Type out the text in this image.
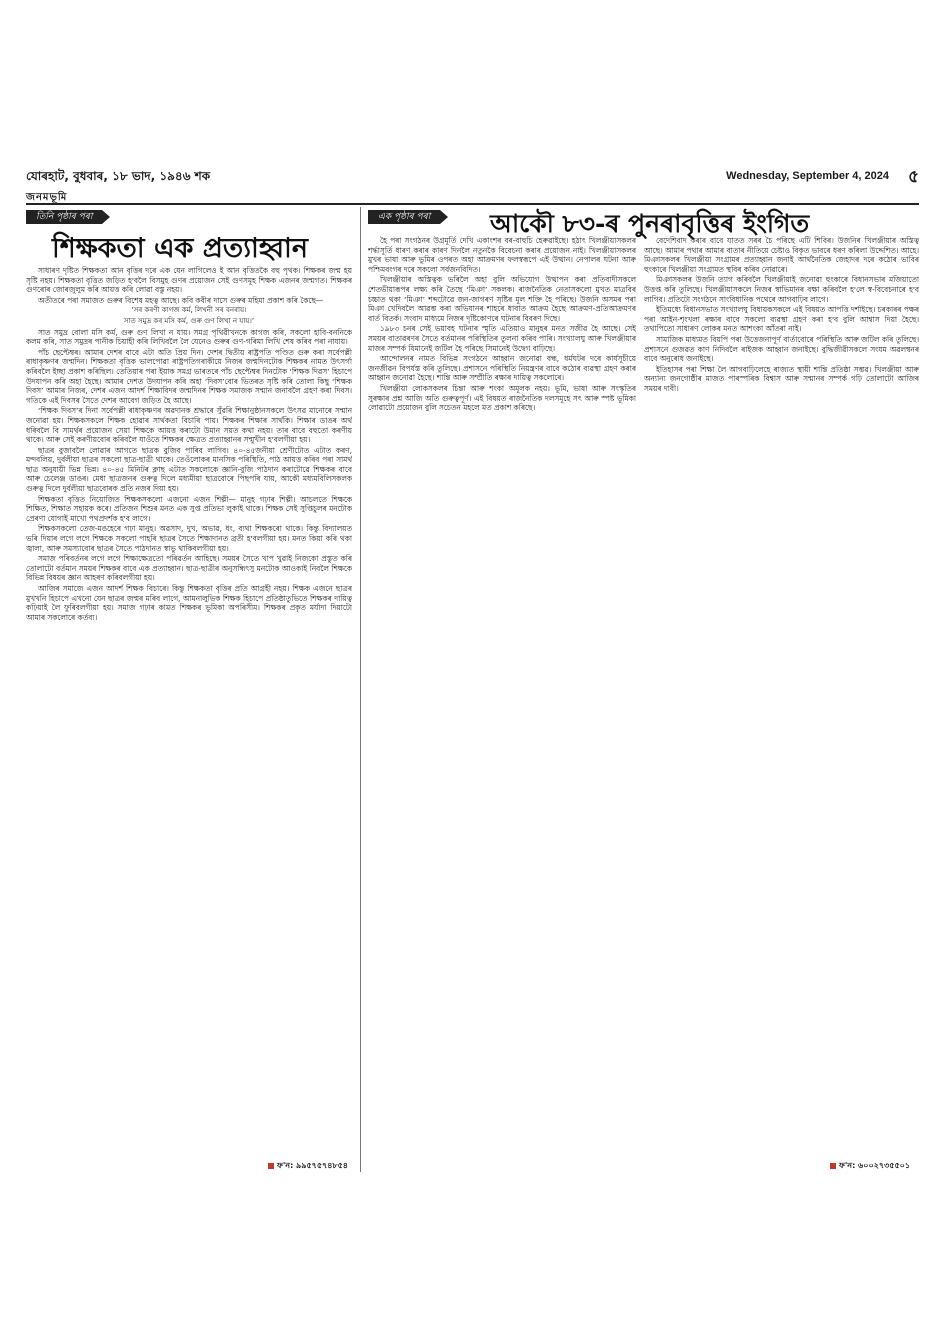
যোৰহাট, বুধবাৰ, ১৮ ভাদ, ১৯৪৬ শক	Wednesday, September 4, 2024 ৫
জনমভূমি
তিনি পৃষ্ঠাৰ পৰা
শিক্ষকতা এক প্ৰত্যাহ্বান

সাধাৰণ দৃষ্টিত শিক্ষকতা আন বৃত্তিৰ দৰে এক যেন লাগিলেও ই আন বৃত্তিতকৈ বহু পৃথক। শিক্ষকৰ জন্ম হয় সৃষ্টি নহয়। শিক্ষকতা বৃত্তিত জড়িত হ'বলৈ বিসমুহ গুণৰ প্ৰয়োজন সেই গুণসমূহ শিক্ষক এজনৰ জন্মগত। শিক্ষকৰ গুণৰোৰ জোৰজুলুম কৰি আয়ত্ত কৰি লোৱা বস্তু নহয়।

অতীতৰে পৰা সমাজত গুৰুৰ বিশেষ মহত্ব আছে। কবি কবীৰ দাসে গুৰুৰ মহিমা প্ৰকাশ কৰি কৈছে—

‘সৰ কৰণী কাগজ কৰ্ম, লিখনী সৰ বনৰায়।

সাত সমুদ্ৰ কৰ মসি কৰ্ম, গুৰু গুণ লিখা ন যায়।’

সাত সমুদ্ৰ বোলা মসি কৰ্ম, গুৰু গুণ লিখা ন যায়। সমগ্ৰ পৃথিৱীখনকে কাগজ কৰি, সকলো হাবি-বননিকে কলম কৰি, সাত সমুদ্ৰৰ পানীক চিয়াহী কৰি লিখিবলৈ লৈ যেনেও গুৰুৰ গুণ-গৰিমা লিখি শেষ কৰিব পৰা নাযায়।

পাঁচ ছেপ্টেম্বৰ। আমাৰ দেশৰ বাবে এটা অতি প্ৰিয় দিন। দেশৰ দ্বিতীয় ৰাষ্ট্ৰপতি পণ্ডিত গুৰু কৰা সৰ্বেপল্লী ৰাধাকৃষ্ণণৰ জন্মদিন। শিক্ষকতা বৃত্তিক ভালপোৱা ৰাষ্ট্ৰপতিগৰাকীয়ে নিজৰ জন্মদিনটোক শিক্ষকৰ নামত উৎসৰ্গা কৰিবলৈ ইচ্ছা প্ৰকাশ কৰিছিল। তেতিয়াৰ পৰা ইয়াক সমগ্ৰ ভাৰতৰে পাঁচ ছেপ্টেম্বৰ দিনটোক ‘শিক্ষক দিৱস’ হিচাপে উদযাপন কৰি অহা হৈছে। আমাৰ দেশত উদযাপন কৰি অহা ‘দিবস’বোৰ ভিতৰত সৃষ্টি কৰি তোলা কিছু ‘শিক্ষক দিবস’ আমাৰ নিজৰ, দেশৰ এজন আদৰ্শ শিক্ষাবিদৰ জন্মদিনৰ শিক্ষক সমাজক সন্মান জনাবলৈ গ্ৰহণ কৰা দিবস। গতিকে এই দিবসৰ সৈতে দেশৰ আবেগ জড়িত হৈ আছে।

‘শিক্ষক দিবস’ৰ দিনা সৰ্বেপল্লী ৰাধাকৃষ্ণণৰ অৱদানক শ্ৰদ্ধাৰে সুঁৱৰি শিক্ষানুষ্ঠানসকলে উৎসৱ মানোৰে সন্মান জনোৱা হয়। শিক্ষকসকলে শিক্ষক হোৱাৰ সাৰ্থকতা বিচাৰি পায়। শিক্ষকৰ শিক্ষাৰ সাৰ্থকি। শিক্ষাৰ ডাঙৰ অৰ্থ ধৰিবলৈ বি সামৰ্থৰ প্ৰয়োজন সেয়া শিক্ষকে আয়ত্ত কৰাটো উমান সয়ত কথা নহয়। তাৰ বাবে বহুতো কৰণীয় থাকে। আৰু সেই কৰণীয়বোৰ কৰিবলৈ যাওঁতে শিক্ষকৰ ক্ষেত্ৰত প্ৰত্যাহ্বানৰ সন্মুখীন হ'বলগীয়া হয়।

ছাত্ৰৰ বুজাবলৈ লোৱাৰ আগতে ছাত্ৰক বুজিব পাৰিব লাগিব। ৪০-৪৫জনীয়া শ্ৰেণীটোত এটাত কৰণ, মন্দবলিয়, দুৰ্বলীয়া ছাত্ৰৰ সকলো ছাত্ৰ-ছাত্ৰী থাকে। তেওঁলোকৰ মানসিক পৰিস্থিতি, পাঠ আয়ত্ত কৰিব পৰা সামৰ্থ ছাত্ৰ অনুযায়ী ভিন্ন ভিন্ন। ৪০-৪৫ মিনিটৰ ক্লাছ এটাত সকলোকে জ্ঞানি-বুজি পাঠদান কৰাটোৱে শিক্ষকৰ বাবে আৰু চেলেঞ্জ ডাঙৰ। মেধা ছাত্ৰজনৰ গুৰুত্ব দিলে মধ্যমীয়া ছাত্ৰবোৰে পিছপৰি যায়, আকৌ মধ্যমবিলিসকলক গুৰুত্ব দিলে দুৰ্বলীয়া ছাত্ৰবোৰক প্ৰতি নজৰ দিয়া হয়।

শিক্ষকতা বৃত্তিত নিয়োজিত শিক্ষকসকলো এজনো এজন শিল্পী— মানুহ গঢ়াৰ শিল্পী। আচলতে শিক্ষকে শিক্ষিত, শিক্ষাত সহায়ক কৰে। প্ৰতিজন শিশুৰ মনত এক সুপ্ত প্ৰতিভা লুকাই থাকে। শিক্ষক সেই সুপ্তিচুলৰ মনটোক প্ৰেৰণা যোগাই মাখো পথপ্ৰদৰ্শক হ'ব লাগে।

শিক্ষকসকলো তেজ-মঙহেৰে গঢ়া মানুহ। অৱসাদ, দুখ, অভাৱ, ধং, ব্যথা শিক্ষকৰো থাকে। কিন্তু বিদ্যালয়ত ভৰি দিয়াৰ লগে লগে শিক্ষকে সকলো পাহৰি ছাত্ৰৰ সৈতে শিক্ষাদানত ব্ৰতী হ'বলগীয়া হয়। মনত কিয়া কৰি থকা জ্বালা, আৰু সমস্যাবোৰ ছাত্ৰৰ সৈতে পাঠদানত স্বাভু থাকিবলগীয়া হয়।

সমাজ পৰিবৰ্তনৰ লগে লগে শিক্ষাক্ষেত্ৰতো পৰিৱৰ্তন আহিছে। সময়ৰ সৈতে খাপ খুৱাই নিজকো প্ৰস্তুত কৰি তোলাটো বৰ্তমান সময়ৰ শিক্ষকৰ বাবে এক প্ৰত্যাহ্বান। ছাত্ৰ-ছাত্ৰীৰ অনুসন্ধিৎসু মনটোক আওকাই নিবলৈ শিক্ষকে বিভিন্ন বিষয়ৰ জ্ঞান আহৰণ কৰিবলগীয়া হয়।

আজিৰ সমাজে এজন আদৰ্শ শিক্ষক বিচাৰে। কিন্তু শিক্ষকতা বৃত্তিৰ প্ৰতি আগ্ৰহী নহয়। শিক্ষক এজনে ছাত্ৰৰ মুখখনি হিচাপে এখনো যেন ছাত্ৰৰ জন্মৰ মৰিব লাগে, আমনালুভিক শিক্ষক হিচাপে প্ৰতিষ্ঠাতুভিতে শিক্ষকৰ দায়িত্ব কঢ়িয়াই লৈ ফুৰিবলগীয়া হয়। সমাজ গঢ়াৰ কামত শিক্ষকৰ ভূমিকা অপৰিসীম। শিক্ষকৰ প্ৰকৃত মৰ্যাদা দিয়াটো আমাৰ সকলোৰে কৰ্তব্য।

ফ'ন: ৯৯৫৭৫৭৪৮৫৪
এক পৃষ্ঠাৰ পৰা	আকৌ ৮৩-ৰ পুনৰাবৃত্তিৰ ইংগিত

হৈ পৰা সংগঠনৰ উগ্ৰমূৰ্তি দেখি একাংশৰ বৰ-বাহুচি হেৰুৱাইছে। হঠাৎ খিলঞ্জীয়াসকলৰ শৰ্দ্ধাসূৰ্তি ধাৰণ কৰাৰ কাৰণ দিনলৈ নতুনকৈ বিবেচনা কৰাৰ প্ৰয়োজন নাই। খিলঞ্জীয়াসকলৰ মুখৰ ভাষা আৰু ভুমিৰ ওপৰত অহা আক্ৰমণৰ ফলস্বৰূপে এই উত্থান। নেপালৰ ঘটনা আৰু পশ্চিমবংগৰ দৰে সকলো সৰ্বজনবিদিত।

খিলঞ্জীয়াৰ অস্তিত্বক ভৰিলৈ অহা বুলি অভিযোগ উত্থাপন কৰা প্ৰতিবাদীসকলে শেতভীয়াৰূপৰ লক্ষ্য কৰি তৈছে ‘মিঞা’ সকলক। ৰাজনৈতিক নেতাসকলো মুখত মাত্ৰবিৰ চচ্চাত থকা ‘মিঞা’ শব্দটোৱে জন-জাগৰণ সৃষ্টিৰ মূল শক্তি হৈ পৰিছে। উজনি অসমৰ পৰা মিঞা খেদিবলৈ আৱম্ভ কৰা অভিযানৰ শাহৰে ধাবাত আক্ৰম হৈছে আক্ৰমণ-প্ৰতিআক্ৰমণৰ বাৰ্ত বিতৰ্ক। সংবাদ মাধ্যমে নিজৰ দৃষ্টিকোণৰে ঘটনাৰ বিবৰণ দিছে।

১৯৮৩ চনৰ সেই ভয়াবহ ঘটনাৰ স্মৃতি এতিয়াও মানুহৰ মনত সজীৱ হৈ আছে। সেই সময়ৰ বাতাৱৰণৰ সৈতে বৰ্তমানৰ পৰিস্থিতিৰ তুলনা কৰিব পাৰি। সংখ্যালঘু আৰু খিলঞ্জীয়াৰ মাজৰ সম্পৰ্ক যিমানেই জটিল হৈ পৰিছে সিমানেই উদ্বেগ বাঢ়িছে।

আন্দোলনৰ নামত বিভিন্ন সংগঠনে আহ্বান জনোৱা বন্ধ, ধৰ্মঘটৰ দৰে কাৰ্যসূচীয়ে জনজীৱন বিপৰ্যস্ত কৰি তুলিছে। প্ৰশাসনে পৰিস্থিতি নিয়ন্ত্ৰণৰ বাবে কঠোৰ ব্যৱস্থা গ্ৰহণ কৰাৰ আহ্বান জনোৱা হৈছে। শান্তি আৰু সম্প্ৰীতি ৰক্ষাৰ দায়িত্ব সকলোৰে।

খিলঞ্জীয়া লোকসকলৰ চিন্তা আৰু শংকা অমূলক নহয়। ভূমি, ভাষা আৰু সংস্কৃতিৰ সুৰক্ষাৰ প্ৰশ্ন আজি অতি গুৰুত্বপূৰ্ণ। এই বিষয়ত ৰাজনৈতিক দলসমূহে সৎ আৰু স্পষ্ট ভূমিকা লোৱাটো প্ৰয়োজন বুলি সচেতন মহলে মত প্ৰকাশ কৰিছে।

বেদেশিবাদ কৰাৰ বাবে যাতত সৰৰ চৈ পৰিছে এটি শিবিৰ। উজনিৰ খিলঞ্জীয়াৰ অস্তিত্ব আছে। আমাৰ পথাৰ আমাৰ বাতাৰ নীতিয়ে চেষ্টাও বিকৃত ভাবৰে ধৰণ কৰিলা উদ্দেশিত। আহে। মিঞাসকলৰ খিলঞ্জীয়া সংগ্ৰামৰ প্ৰত্যাহ্বান জনাই আৰ্থনৈতিক জেহাদৰ দৰে কঠোৰ ভাবিৰ হুংকাৰে খিলঞ্জীয়া সংগ্ৰামত স্থবিৰ কৰিব নোৱাৰে।

মিঞাসকলৰ উজনি ত্যাগ কৰিবলৈ খিলঞ্জীয়াই জনোৱা হুংকাৰে বিধানসভাৰ মজিয়াতো উত্তপ্ত কৰি তুলিছে। খিলঞ্জীয়াসকলে নিজৰ স্বাভিমানৰ বক্ষা কৰিবলৈ হ'লে স্ব-বিবেচনাৰে হ'ব লাগিব। প্ৰতিটো সংগঠনে সাংবিধানিক পথেৰে আগবাঢ়িব লাগে।

ইতিমধ্যে বিধানসভাত সংখ্যালঘু বিধায়কসকলে এই বিষয়ত আপত্তি দৰ্শাইছে। চৰকাৰৰ পক্ষৰ পৰা আইন-শৃংখলা ৰক্ষাৰ বাবে সকলো ব্যৱস্থা গ্ৰহণ কৰা হ'ব বুলি আশ্বাস দিয়া হৈছে। তথাপিতো সাধাৰণ লোকৰ মনত আশংকা আঁতৰা নাই।

সামাজিক মাধ্যমত বিয়পি পৰা উত্তেজনাপূৰ্ণ বাৰ্তাবোৰে পৰিস্থিতি আৰু জটিল কৰি তুলিছে। প্ৰশাসনে গুজৱত কাণ নিদিবলৈ ৰাইজক আহ্বান জনাইছে। বুদ্ধিজীৱীসকলে সংযম অৱলম্বনৰ বাবে অনুৰোধ জনাইছে।

ইতিহাসৰ পৰা শিক্ষা লৈ আগবাঢ়িলেহে ৰাজ্যত স্থায়ী শান্তি প্ৰতিষ্ঠা সম্ভৱ। খিলঞ্জীয়া আৰু অন্যান্য জনগোষ্ঠীৰ মাজত পাৰস্পৰিক বিশ্বাস আৰু সন্মানৰ সম্পৰ্ক গঢ়ি তোলাটো আজিৰ সময়ৰ দাবী।

ফ'ন: ৬০০২৭৩৫৫০১
